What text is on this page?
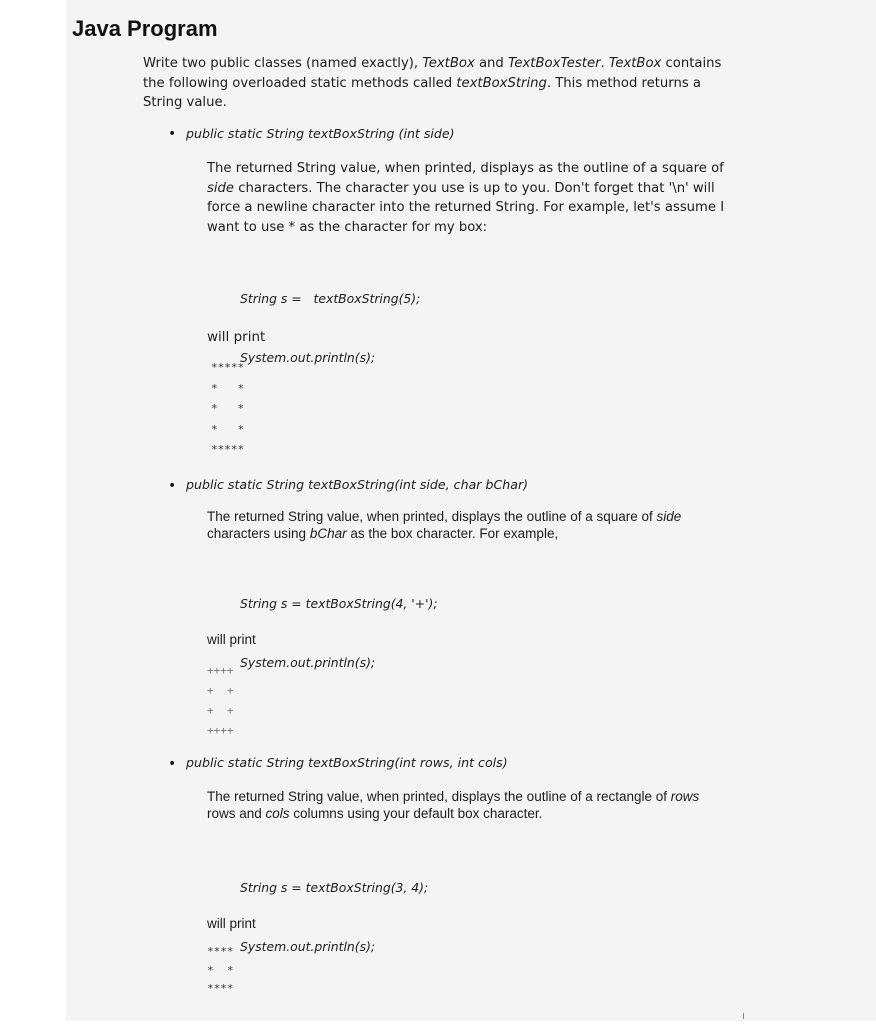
Java Program
Write two public classes (named exactly), TextBox and TextBoxTester. TextBox contains the following overloaded static methods called textBoxString. This method returns a String value.
• public static String textBoxString (int side)
The returned String value, when printed, displays as the outline of a square of side characters. The character you use is up to you. Don't forget that '\n' will force a newline character into the returned String. For example, let's assume I want to use * as the character for my box:

String s =   textBoxString(5);

System.out.println(s);

will print
*****
*   *
*   *
*   *
*****
• public static String textBoxString(int side, char bChar)
The returned String value, when printed, displays the outline of a square of side characters using bChar as the box character. For example,

String s = textBoxString(4, '+');

System.out.println(s);

will print
++++
+  +
+  +
++++
• public static String textBoxString(int rows, int cols)
The returned String value, when printed, displays the outline of a rectangle of rows rows and cols columns using your default box character.

String s = textBoxString(3, 4);

System.out.println(s);

will print
****
*  *
****
